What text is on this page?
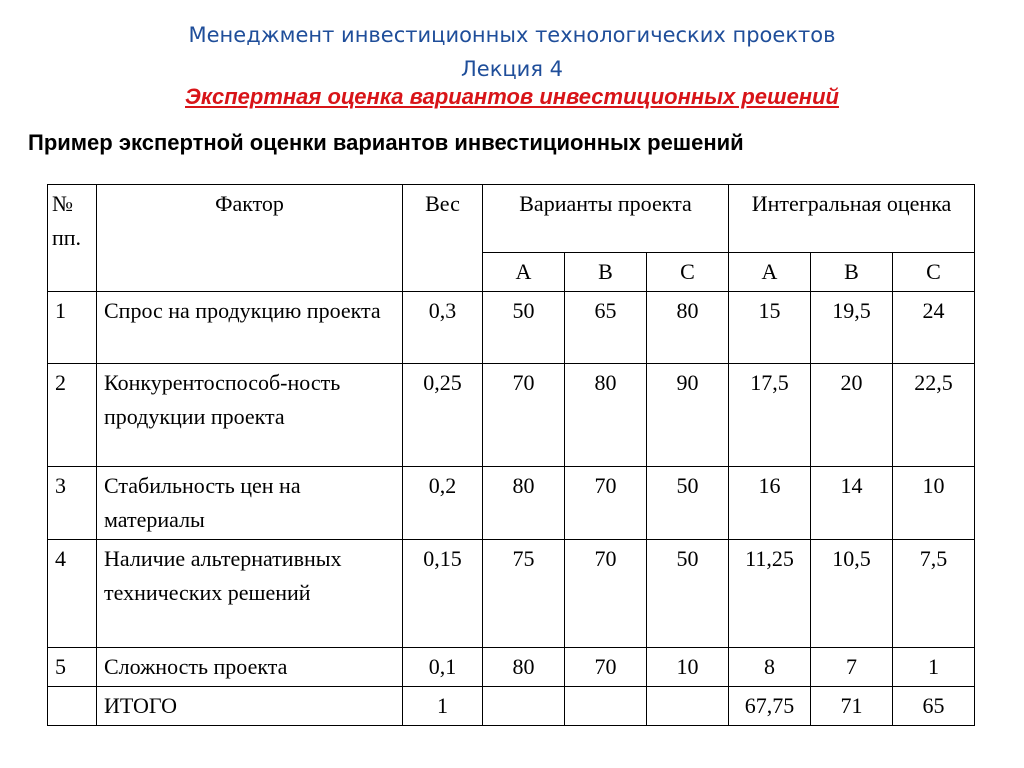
Менеджмент инвестиционных технологических проектов
Лекция 4
Экспертная оценка вариантов инвестиционных решений
Пример экспертной оценки вариантов инвестиционных решений
№ пп.	Фактор	Вес	Варианты проекта			Интегральная оценка		
			А	В	С	А	В	С
1	Спрос на продукцию проекта	0,3	50	65	80	15	19,5	24
2	Конкурентоспособ-ность продукции проекта	0,25	70	80	90	17,5	20	22,5
3	Стабильность цен на материалы	0,2	80	70	50	16	14	10
4	Наличие альтернативных технических решений	0,15	75	70	50	11,25	10,5	7,5
5	Сложность проекта	0,1	80	70	10	8	7	1
	ИТОГО	1				67,75	71	65
